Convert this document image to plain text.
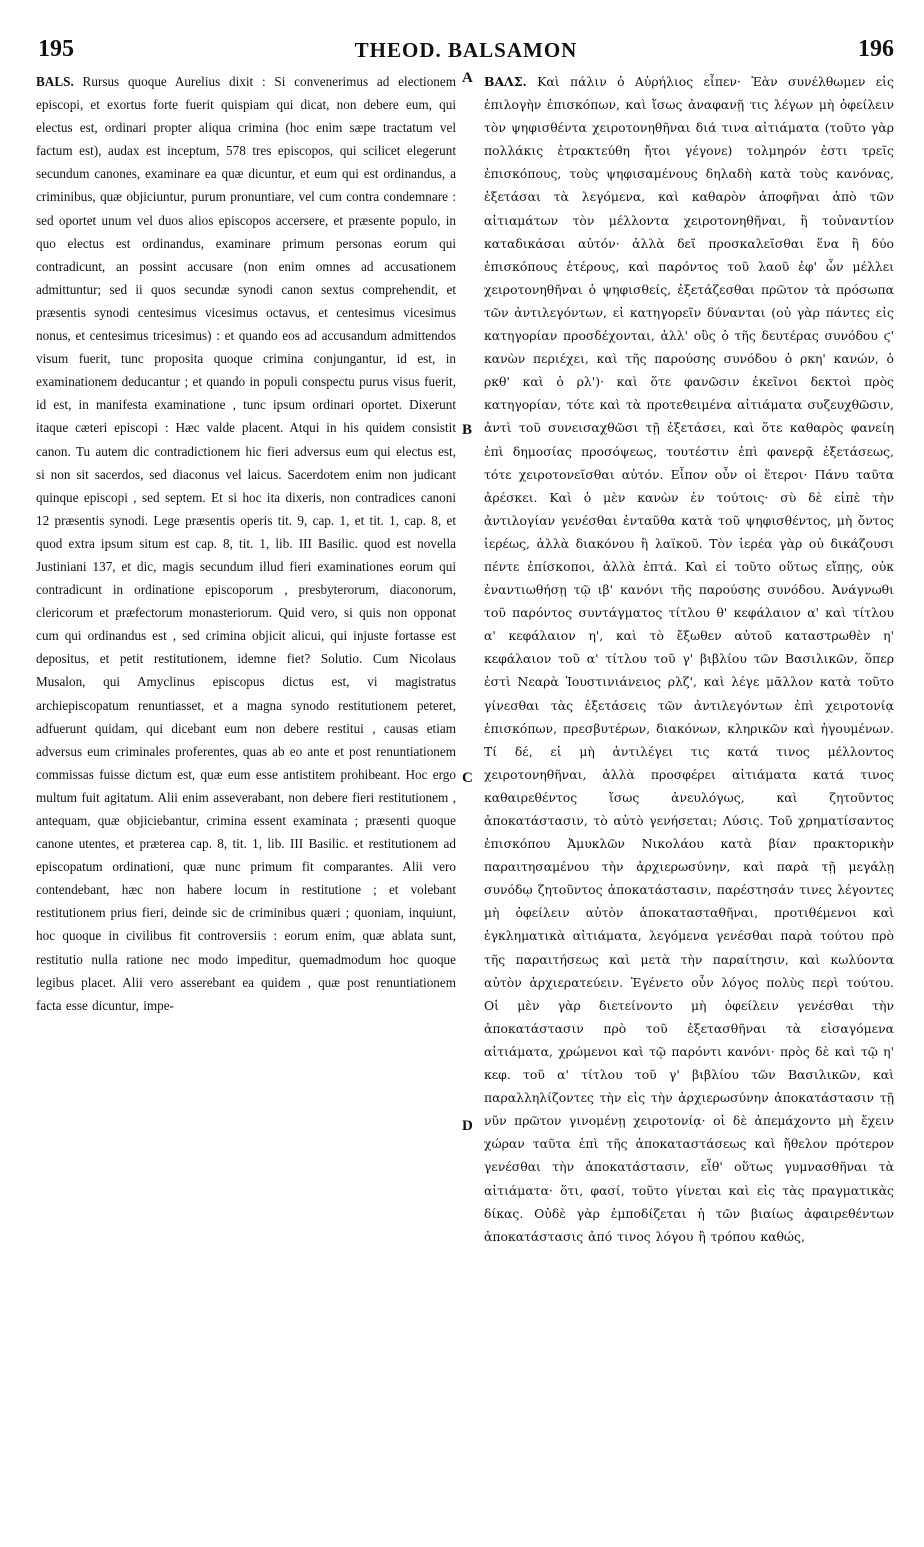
195	THEOD. BALSAMON	196

BALS. Rursus quoque Aurelius dixit : Si convenerimus ad electionem episcopi, et exortus forte fuerit quispiam qui dicat, non debere eum, qui electus est, ordinari propter aliqua crimina (hoc enim sæpe tractatum vel factum est), audax est inceptum, 578 tres episcopos, qui scilicet elegerunt secundum canones, examinare ea quæ dicuntur, et eum qui est ordinandus, a criminibus, quæ objiciuntur, purum pronuntiare, vel cum contra condemnare : sed oportet unum vel duos alios episcopos accersere, et præsente populo, in quo electus est ordinandus, examinare primum personas eorum qui contradicunt, an possint accusare (non enim omnes ad accusationem admittuntur; sed ii quos secundæ synodi canon sextus comprehendit, et præsentis synodi centesimus vicesimus octavus, et centesimus vicesimus nonus, et centesimus tricesimus) : et quando eos ad accusandum admittendos visum fuerit, tunc proposita quoque crimina conjungantur, id est, in examinationem deducantur ; et quando in populi conspectu purus visus fuerit, id est, in manifesta examinatione , tunc ipsum ordinari oportet. Dixerunt itaque cæteri episcopi : Hæc valde placent. Atqui in his quidem consistit canon. Tu autem dic contradictionem hic fieri adversus eum qui electus est, si non sit sacerdos, sed diaconus vel laicus. Sacerdotem enim non judicant quinque episcopi , sed septem. Et si hoc ita dixeris, non contradices canoni 12 præsentis synodi. Lege præsentis operis tit. 9, cap. 1, et tit. 1, cap. 8, et quod extra ipsum situm est cap. 8, tit. 1, lib. III Basilic. quod est novella Justiniani 137, et dic, magis secundum illud fieri examinationes eorum qui contradicunt in ordinatione episcoporum , presbyterorum, diaconorum, clericorum et præfectorum monasteriorum. Quid vero, si quis non opponat cum qui ordinandus est , sed crimina objicit alicui, qui injuste fortasse est depositus, et petit restitutionem, idemne fiet? Solutio. Cum Nicolaus Musalon, qui Amyclinus episcopus dictus est, vi magistratus archiepiscopatum renuntiasset, et a magna synodo restitutionem peteret, adfuerunt quidam, qui dicebant eum non debere restitui , causas etiam adversus eum criminales proferentes, quas ab eo ante et post renuntiationem commissas fuisse dictum est, quæ eum esse antistitem prohibeant. Hoc ergo multum fuit agitatum. Alii enim asseverabant, non debere fieri restitutionem , antequam, quæ objiciebantur, crimina essent examinata ; præsenti quoque canone utentes, et præterea cap. 8, tit. 1, lib. III Basilic. et restitutionem ad episcopatum ordinationi, quæ nunc primum fit comparantes. Alii vero contendebant, hæc non habere locum in restitutione ; et volebant restitutionem prius fieri, deinde sic de criminibus quæri ; quoniam, inquiunt, hoc quoque in civilibus fit controversiis : eorum enim, quæ ablata sunt, restitutio nulla ratione nec modo impeditur, quemadmodum hoc quoque legibus placet. Alii vero asserebant ea quidem , quæ post renuntiationem facta esse dicuntur, impe-

A
B
C
D

ΒΑΛΣ. Καὶ πάλιν ὁ Αὐρήλιος εἶπεν· Ἐὰν συνέλθωμεν εἰς ἐπιλογὴν ἐπισκόπων, καὶ ἴσως ἀναφανῇ τις λέγων μὴ ὀφείλειν τὸν ψηφισθέντα χειροτονηθῆναι διά τινα αἰτιάματα (τοῦτο γὰρ πολλάκις ἐτρακτεύθη ἤτοι γέγονε) τολμηρόν ἐστι τρεῖς ἐπισκόπους, τοὺς ψηφισαμένους δηλαδὴ κατὰ τοὺς κανόνας, ἐξετάσαι τὰ λεγόμενα, καὶ καθαρὸν ἀποφῆναι ἀπὸ τῶν αἰτιαμάτων τὸν μέλλοντα χειροτονηθῆναι, ἢ τοὐναντίον καταδικάσαι αὐτόν· ἀλλὰ δεῖ προσκαλεῖσθαι ἕνα ἢ δύο ἐπισκόπους ἑτέρους, καὶ παρόντος τοῦ λαοῦ ἐφ' ὧν μέλλει χειροτονηθῆναι ὁ ψηφισθείς, ἐξετάζεσθαι πρῶτον τὰ πρόσωπα τῶν ἀντιλεγόντων, εἰ κατηγορεῖν δύνανται (οὐ γὰρ πάντες εἰς κατηγορίαν προσδέχονται, ἀλλ' οὓς ὁ τῆς δευτέρας συνόδου ϛ' κανὼν περιέχει, καὶ τῆς παρούσης συνόδου ὁ ρκη' κανών, ὁ ρκθ' καὶ ὁ ρλ')· καὶ ὅτε φανῶσιν ἐκεῖνοι δεκτοὶ πρὸς κατηγορίαν, τότε καὶ τὰ προτεθειμένα αἰτιάματα συζευχθῶσιν, ἀντὶ τοῦ συνεισαχθῶσι τῇ ἐξετάσει, καὶ ὅτε καθαρὸς φανείη ἐπὶ δημοσίας προσόψεως, τουτέστιν ἐπὶ φανερᾷ ἐξετάσεως, τότε χειροτονεῖσθαι αὐτόν. Εἶπον οὖν οἱ ἕτεροι· Πάνυ ταῦτα ἀρέσκει. Καὶ ὁ μὲν κανὼν ἐν τούτοις· σὺ δὲ εἰπὲ τὴν ἀντιλογίαν γενέσθαι ἐνταῦθα κατὰ τοῦ ψηφισθέντος, μὴ ὄντος ἱερέως, ἀλλὰ διακόνου ἢ λαϊκοῦ. Τὸν ἱερέα γὰρ οὐ δικάζουσι πέντε ἐπίσκοποι, ἀλλὰ ἑπτά. Καὶ εἰ τοῦτο οὕτως εἴπῃς, οὐκ ἐναντιωθήσῃ τῷ ιβ' κανόνι τῆς παρούσης συνόδου. Ἀνάγνωθι τοῦ παρόντος συντάγματος τίτλου θ' κεφάλαιον α' καὶ τίτλου α' κεφάλαιον η', καὶ τὸ ἔξωθεν αὐτοῦ καταστρωθὲν η' κεφάλαιον τοῦ α' τίτλου τοῦ γ' βιβλίου τῶν Βασιλικῶν, ὅπερ ἐστὶ Νεαρὰ Ἰουστινιάνειος ρλζ', καὶ λέγε μᾶλλον κατὰ τοῦτο γίνεσθαι τὰς ἐξετάσεις τῶν ἀντιλεγόντων ἐπὶ χειροτονίᾳ ἐπισκόπων, πρεσβυτέρων, διακόνων, κληρικῶν καὶ ἡγουμένων. Τί δέ, εἰ μὴ ἀντιλέγει τις κατά τινος μέλλοντος χειροτονηθῆναι, ἀλλὰ προσφέρει αἰτιάματα κατά τινος καθαιρεθέντος ἴσως ἀνευλόγως, καὶ ζητοῦντος ἀποκατάστασιν, τὸ αὐτὸ γενήσεται; Λύσις. Τοῦ χρηματίσαντος ἐπισκόπου Ἀμυκλῶν Νικολάου κατὰ βίαν πρακτορικὴν παραιτησαμένου τὴν ἀρχιερωσύνην, καὶ παρὰ τῇ μεγάλῃ συνόδῳ ζητοῦντος ἀποκατάστασιν, παρέστησάν τινες λέγοντες μὴ ὀφείλειν αὐτὸν ἀποκατασταθῆναι, προτιθέμενοι καὶ ἐγκληματικὰ αἰτιάματα, λεγόμενα γενέσθαι παρὰ τούτου πρὸ τῆς παραιτήσεως καὶ μετὰ τὴν παραίτησιν, καὶ κωλύοντα αὐτὸν ἀρχιερατεύειν. Ἐγένετο οὖν λόγος πολὺς περὶ τούτου. Οἱ μὲν γὰρ διετείνοντο μὴ ὀφείλειν γενέσθαι τὴν ἀποκατάστασιν πρὸ τοῦ ἐξετασθῆναι τὰ εἰσαγόμενα αἰτιάματα, χρώμενοι καὶ τῷ παρόντι κανόνι· πρὸς δὲ καὶ τῷ η' κεφ. τοῦ α' τίτλου τοῦ γ' βιβλίου τῶν Βασιλικῶν, καὶ παραλληλίζοντες τὴν εἰς τὴν ἀρχιερωσύνην ἀποκατάστασιν τῇ νῦν πρῶτον γινομένῃ χειροτονίᾳ· οἱ δὲ ἀπεμάχοντο μὴ ἔχειν χώραν ταῦτα ἐπὶ τῆς ἀποκαταστάσεως καὶ ἤθελον πρότερον γενέσθαι τὴν ἀποκατάστασιν, εἶθ' οὕτως γυμνασθῆναι τὰ αἰτιάματα· ὅτι, φασί, τοῦτο γίνεται καὶ εἰς τὰς πραγματικὰς δίκας. Οὐδὲ γὰρ ἐμποδίζεται ἡ τῶν βιαίως ἀφαιρεθέντων ἀποκατάστασις ἀπό τινος λόγου ἢ τρόπου καθώς,
